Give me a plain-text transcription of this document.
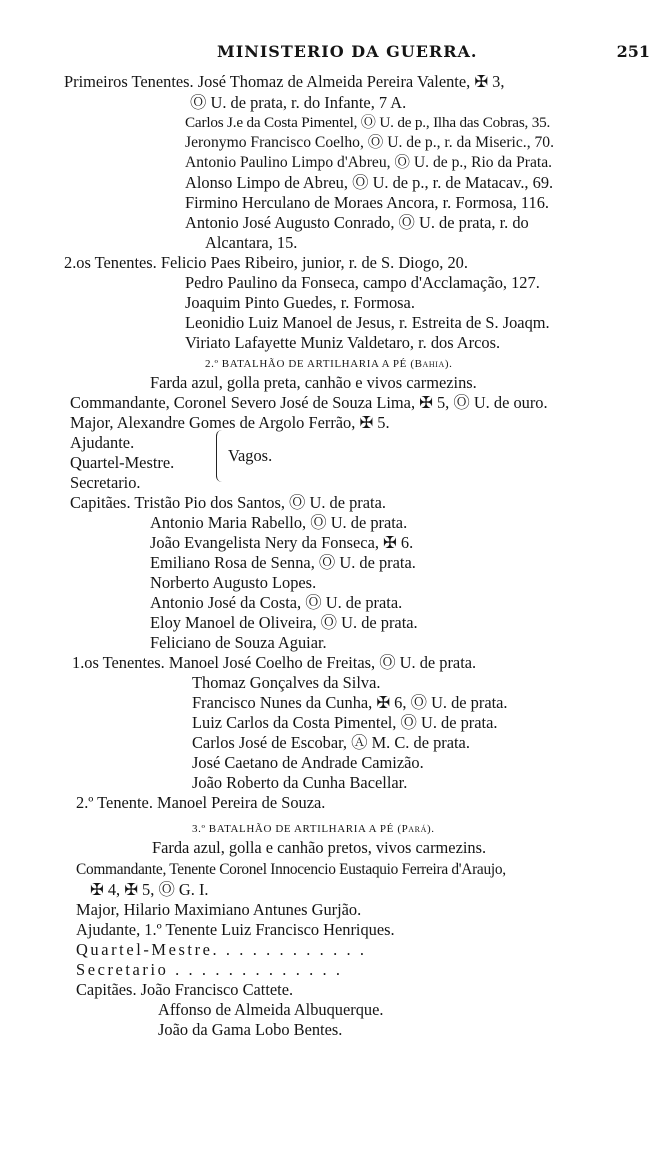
MINISTERIO DA GUERRA.	251
Primeiros Tenentes. José Thomaz de Almeida Pereira Valente, ✠ 3,
Ⓞ U. de prata, r. do Infante, 7 A.
Carlos J.e da Costa Pimentel, Ⓞ U. de p., Ilha das Cobras, 35.
Jeronymo Francisco Coelho, Ⓞ U. de p., r. da Miseric., 70.
Antonio Paulino Limpo d'Abreu, Ⓞ U. de p., Rio da Prata.
Alonso Limpo de Abreu, Ⓞ U. de p., r. de Matacav., 69.
Firmino Herculano de Moraes Ancora, r. Formosa, 116.
Antonio José Augusto Conrado, Ⓞ U. de prata, r. do
Alcantara, 15.
2.os Tenentes. Felicio Paes Ribeiro, junior, r. de S. Diogo, 20.
Pedro Paulino da Fonseca, campo d'Acclamação, 127.
Joaquim Pinto Guedes, r. Formosa.
Leonidio Luiz Manoel de Jesus, r. Estreita de S. Joaqm.
Viriato Lafayette Muniz Valdetaro, r. dos Arcos.
2.º BATALHÃO DE ARTILHARIA A PÉ (Bahia).
Farda azul, golla preta, canhão e vivos carmezins.
Commandante, Coronel Severo José de Souza Lima, ✠ 5, Ⓞ U. de ouro.
Major, Alexandre Gomes de Argolo Ferrão, ✠ 5.
Ajudante.
Quartel-Mestre.
Secretario.
Vagos.
Capitães. Tristão Pio dos Santos, Ⓞ U. de prata.
Antonio Maria Rabello, Ⓞ U. de prata.
João Evangelista Nery da Fonseca, ✠ 6.
Emiliano Rosa de Senna, Ⓞ U. de prata.
Norberto Augusto Lopes.
Antonio José da Costa, Ⓞ U. de prata.
Eloy Manoel de Oliveira, Ⓞ U. de prata.
Feliciano de Souza Aguiar.
1.os Tenentes. Manoel José Coelho de Freitas, Ⓞ U. de prata.
Thomaz Gonçalves da Silva.
Francisco Nunes da Cunha, ✠ 6, Ⓞ U. de prata.
Luiz Carlos da Costa Pimentel, Ⓞ U. de prata.
Carlos José de Escobar, Ⓐ M. C. de prata.
José Caetano de Andrade Camizão.
João Roberto da Cunha Bacellar.
2.º Tenente. Manoel Pereira de Souza.
3.º BATALHÃO DE ARTILHARIA A PÉ (Pará).
Farda azul, golla e canhão pretos, vivos carmezins.
Commandante, Tenente Coronel Innocencio Eustaquio Ferreira d'Araujo,
✠ 4, ✠ 5, Ⓞ G. I.
Major, Hilario Maximiano Antunes Gurjão.
Ajudante, 1.º Tenente Luiz Francisco Henriques.
Quartel-Mestre. . . . . . . . . . . .
Secretario . . . . . . . . . . . . .
Capitães. João Francisco Cattete.
Affonso de Almeida Albuquerque.
João da Gama Lobo Bentes.
